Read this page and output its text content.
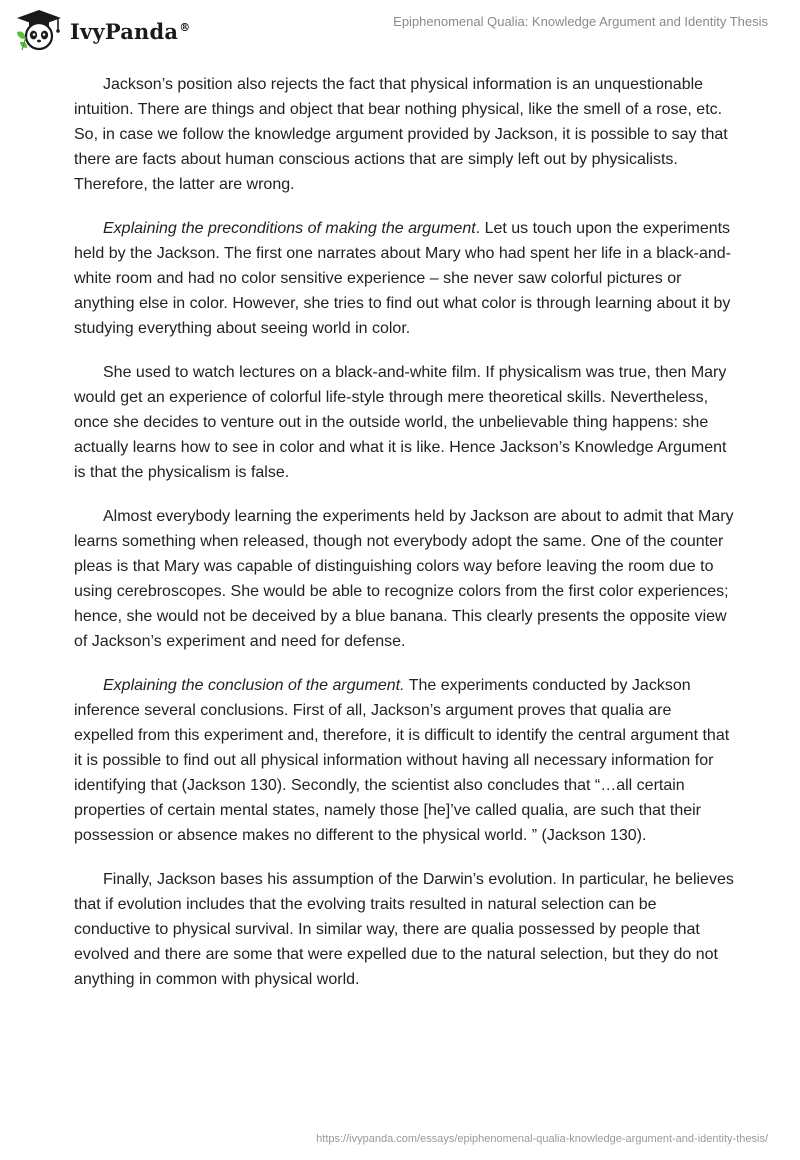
IvyPanda®	Epiphenomenal Qualia: Knowledge Argument and Identity Thesis

Jackson’s position also rejects the fact that physical information is an unquestionable intuition. There are things and object that bear nothing physical, like the smell of a rose, etc. So, in case we follow the knowledge argument provided by Jackson, it is possible to say that there are facts about human conscious actions that are simply left out by physicalists. Therefore, the latter are wrong.

Explaining the preconditions of making the argument. Let us touch upon the experiments held by the Jackson. The first one narrates about Mary who had spent her life in a black-and-white room and had no color sensitive experience – she never saw colorful pictures or anything else in color. However, she tries to find out what color is through learning about it by studying everything about seeing world in color.

She used to watch lectures on a black-and-white film. If physicalism was true, then Mary would get an experience of colorful life-style through mere theoretical skills. Nevertheless, once she decides to venture out in the outside world, the unbelievable thing happens: she actually learns how to see in color and what it is like. Hence Jackson’s Knowledge Argument is that the physicalism is false.

Almost everybody learning the experiments held by Jackson are about to admit that Mary learns something when released, though not everybody adopt the same. One of the counter pleas is that Mary was capable of distinguishing colors way before leaving the room due to using cerebroscopes. She would be able to recognize colors from the first color experiences; hence, she would not be deceived by a blue banana. This clearly presents the opposite view of Jackson’s experiment and need for defense.

Explaining the conclusion of the argument. The experiments conducted by Jackson inference several conclusions. First of all, Jackson’s argument proves that qualia are expelled from this experiment and, therefore, it is difficult to identify the central argument that it is possible to find out all physical information without having all necessary information for identifying that (Jackson 130). Secondly, the scientist also concludes that “…all certain properties of certain mental states, namely those [he]’ve called qualia, are such that their possession or absence makes no different to the physical world. ” (Jackson 130).

Finally, Jackson bases his assumption of the Darwin’s evolution. In particular, he believes that if evolution includes that the evolving traits resulted in natural selection can be conductive to physical survival. In similar way, there are qualia possessed by people that evolved and there are some that were expelled due to the natural selection, but they do not anything in common with physical world.

https://ivypanda.com/essays/epiphenomenal-qualia-knowledge-argument-and-identity-thesis/
